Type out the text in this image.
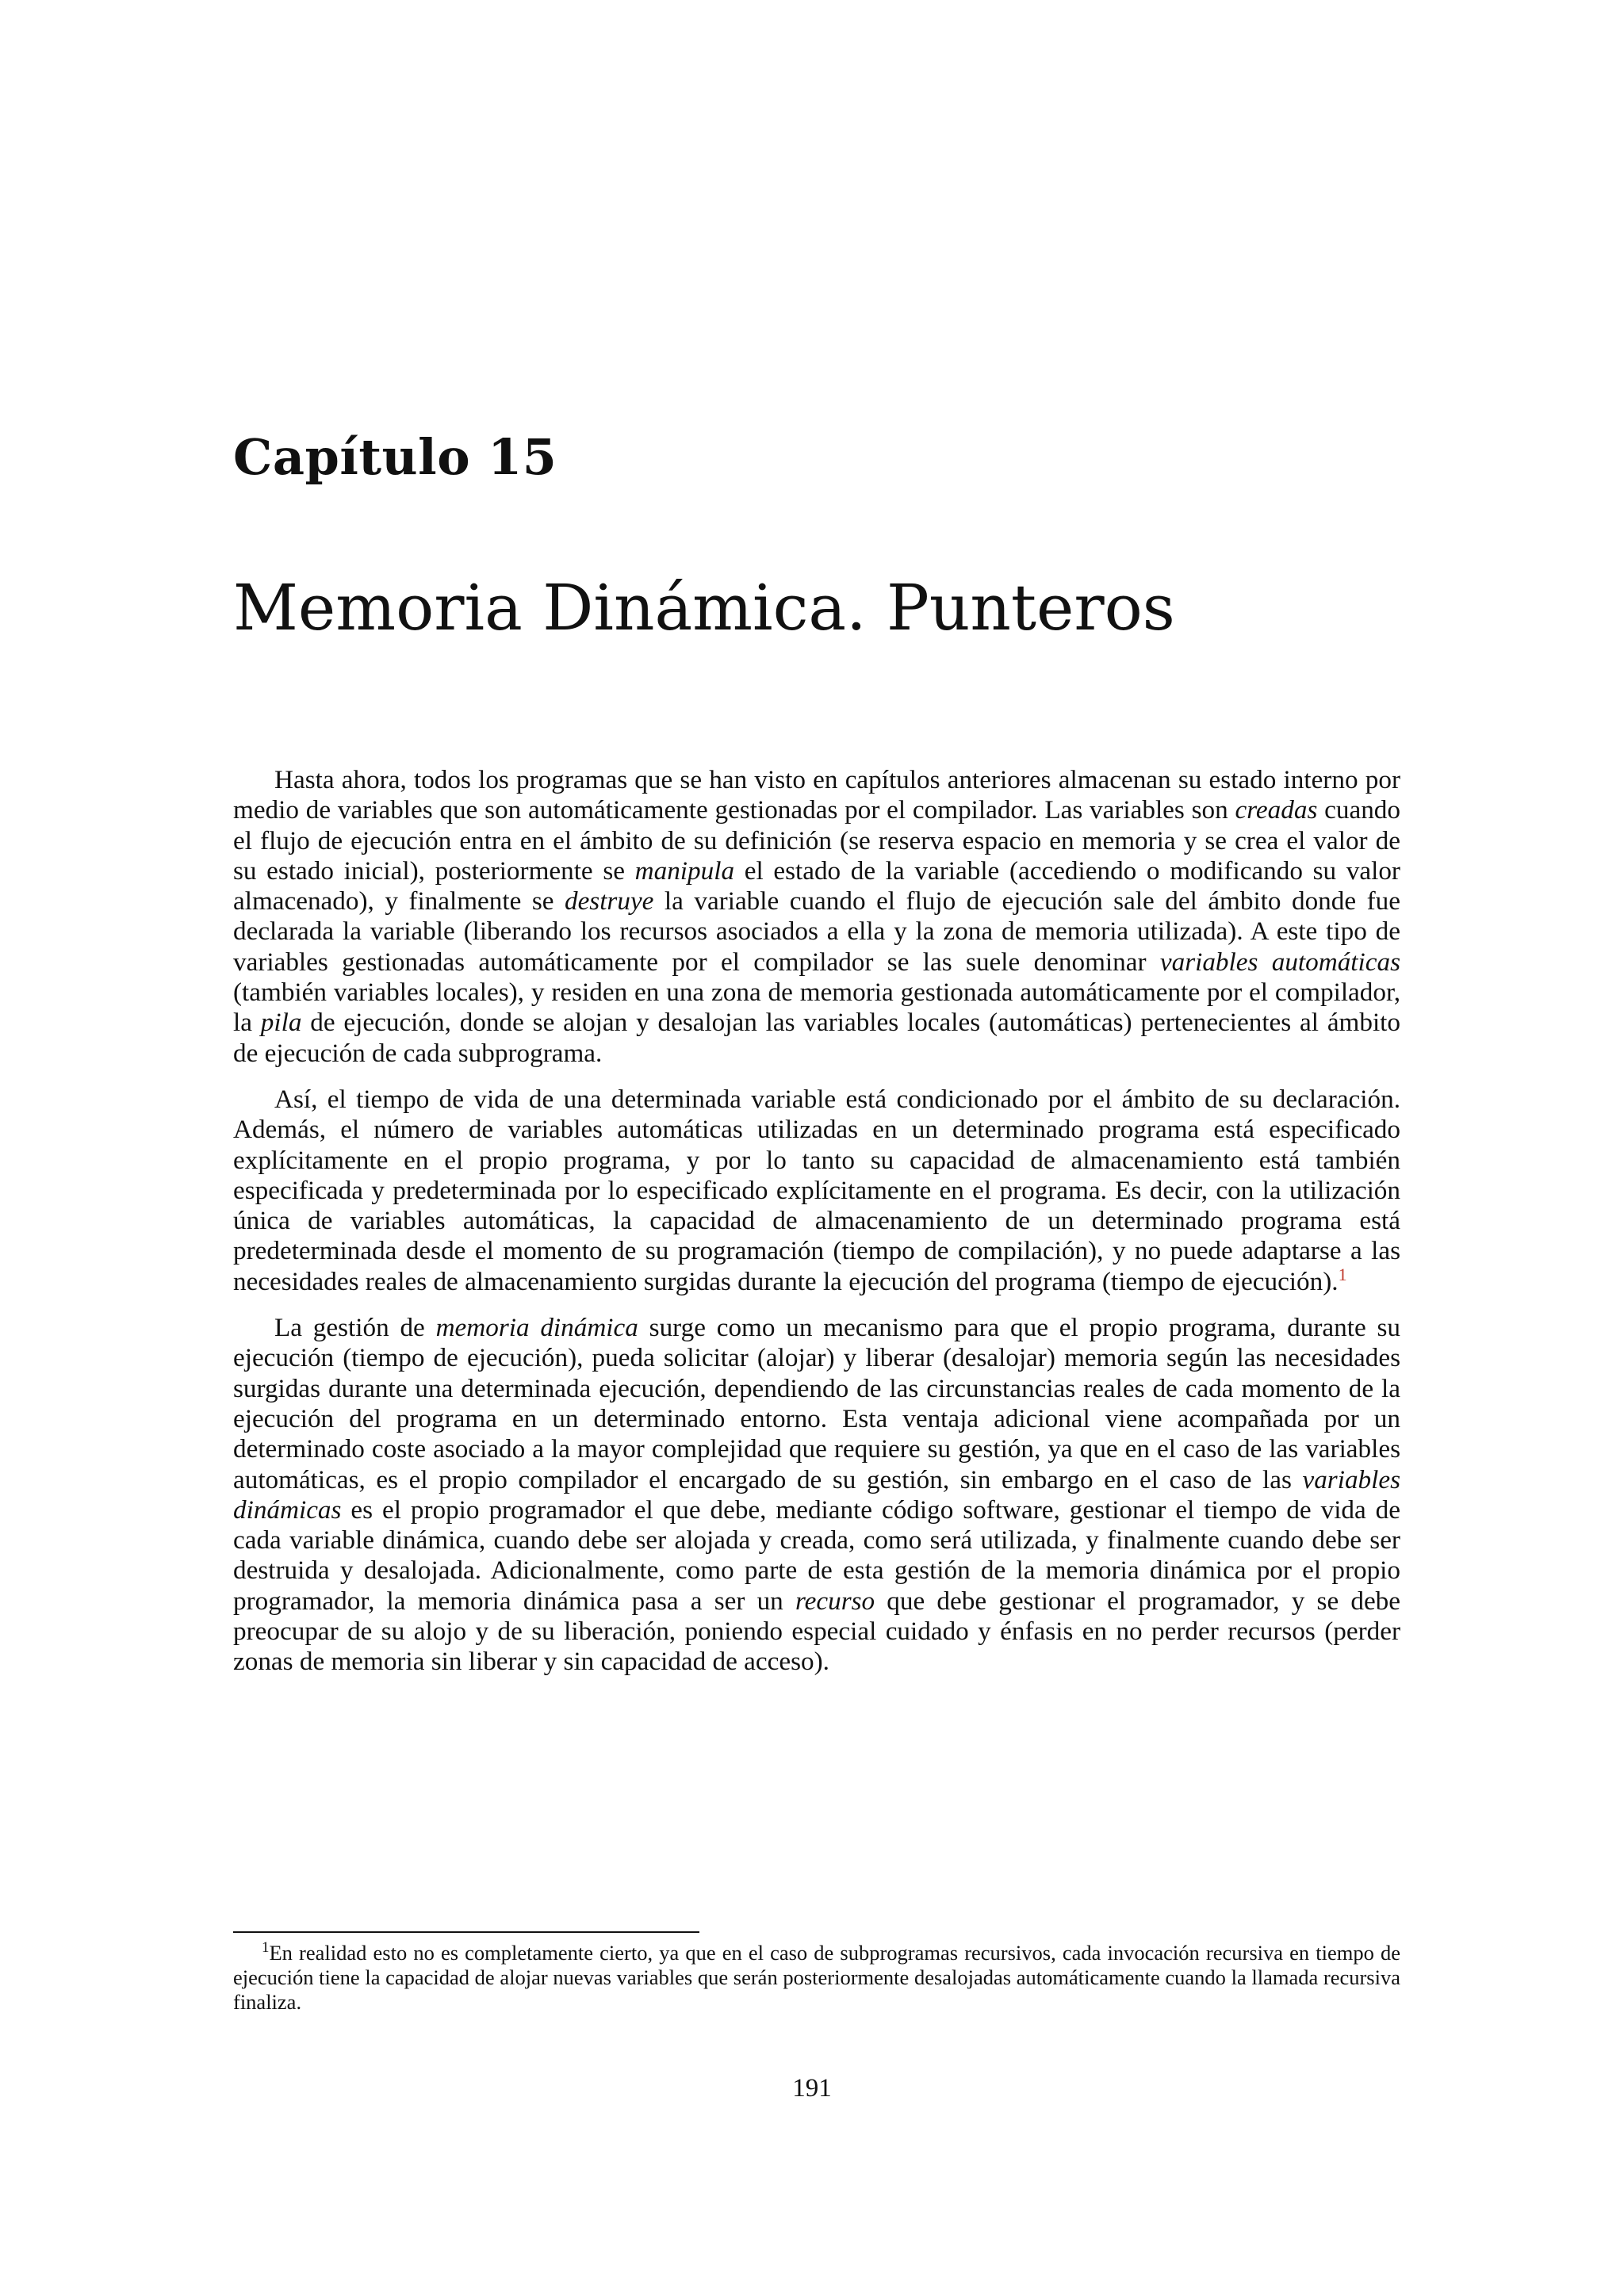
Capítulo 15
Memoria Dinámica. Punteros

Hasta ahora, todos los programas que se han visto en capítulos anteriores almacenan su estado interno por medio de variables que son automáticamente gestionadas por el compilador. Las variables son creadas cuando el flujo de ejecución entra en el ámbito de su definición (se reserva espacio en memoria y se crea el valor de su estado inicial), posteriormente se manipula el estado de la variable (accediendo o modificando su valor almacenado), y finalmente se destruye la variable cuando el flujo de ejecución sale del ámbito donde fue declarada la variable (liberando los recursos asociados a ella y la zona de memoria utilizada). A este tipo de variables gestionadas automáticamente por el compilador se las suele denominar variables automáticas (también variables locales), y residen en una zona de memoria gestionada automáticamente por el compilador, la pila de ejecución, donde se alojan y desalojan las variables locales (automáticas) pertenecientes al ámbito de ejecución de cada subprograma.

Así, el tiempo de vida de una determinada variable está condicionado por el ámbito de su declaración. Además, el número de variables automáticas utilizadas en un determinado programa está especificado explícitamente en el propio programa, y por lo tanto su capacidad de almacenamiento está también especificada y predeterminada por lo especificado explícitamente en el programa. Es decir, con la utilización única de variables automáticas, la capacidad de almacenamiento de un determinado programa está predeterminada desde el momento de su programación (tiempo de compilación), y no puede adaptarse a las necesidades reales de almacenamiento surgidas durante la ejecución del programa (tiempo de ejecución).$^1$

La gestión de memoria dinámica surge como un mecanismo para que el propio programa, durante su ejecución (tiempo de ejecución), pueda solicitar (alojar) y liberar (desalojar) memoria según las necesidades surgidas durante una determinada ejecución, dependiendo de las circunstancias reales de cada momento de la ejecución del programa en un determinado entorno. Esta ventaja adicional viene acompañada por un determinado coste asociado a la mayor complejidad que requiere su gestión, ya que en el caso de las variables automáticas, es el propio compilador el encargado de su gestión, sin embargo en el caso de las variables dinámicas es el propio programador el que debe, mediante código software, gestionar el tiempo de vida de cada variable dinámica, cuando debe ser alojada y creada, como será utilizada, y finalmente cuando debe ser destruida y desalojada. Adicionalmente, como parte de esta gestión de la memoria dinámica por el propio programador, la memoria dinámica pasa a ser un recurso que debe gestionar el programador, y se debe preocupar de su alojo y de su liberación, poniendo especial cuidado y énfasis en no perder recursos (perder zonas de memoria sin liberar y sin capacidad de acceso).

$^1$En realidad esto no es completamente cierto, ya que en el caso de subprogramas recursivos, cada invocación recursiva en tiempo de ejecución tiene la capacidad de alojar nuevas variables que serán posteriormente desalojadas automáticamente cuando la llamada recursiva finaliza.
191
